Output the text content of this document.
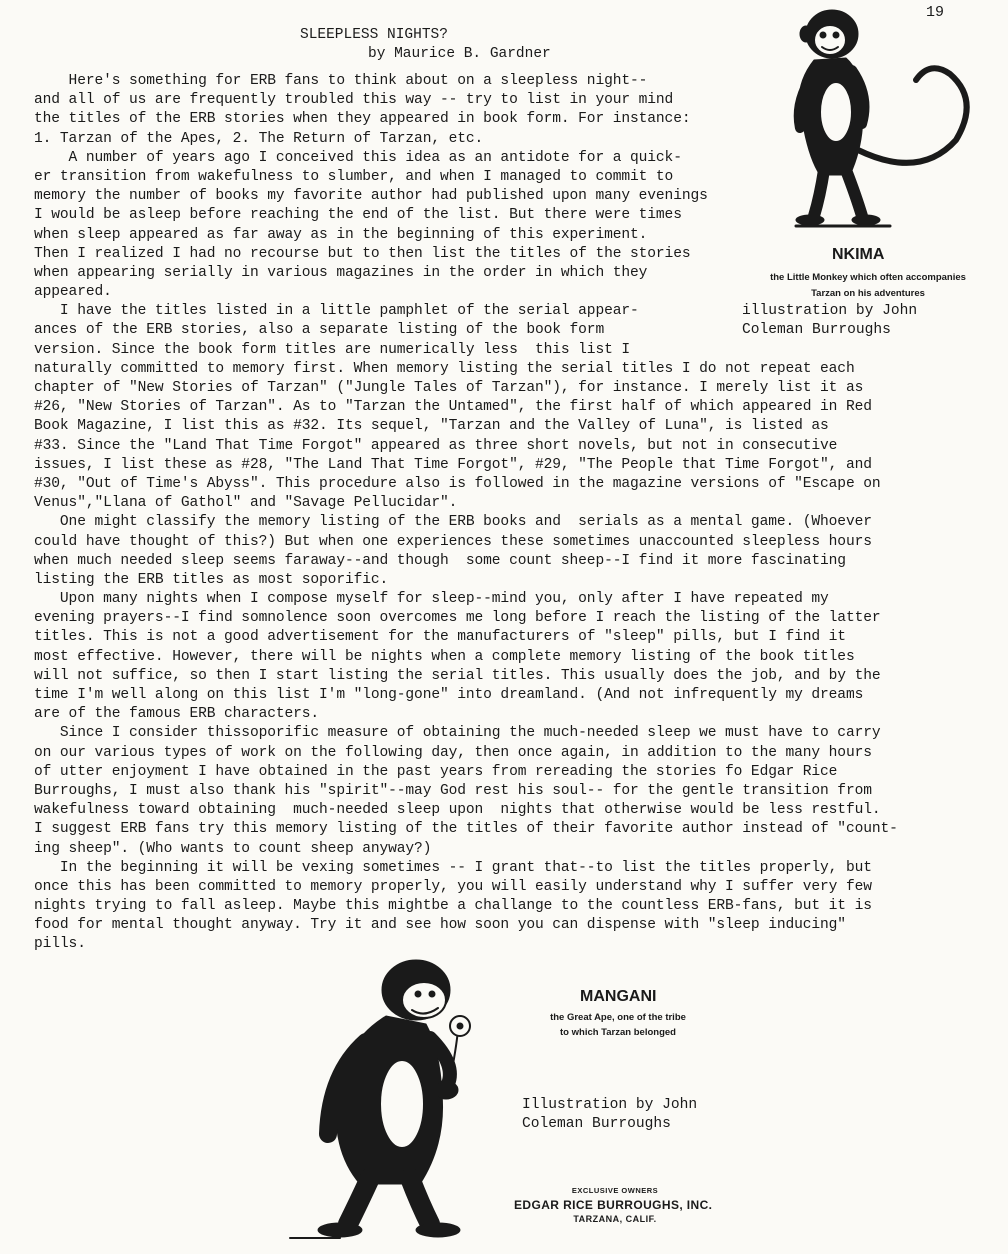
19
SLEEPLESS NIGHTS?
by Maurice B. Gardner
Here's something for ERB fans to think about on a sleepless night--
and all of us are frequently troubled this way -- try to list in your mind
the titles of the ERB stories when they appeared in book form. For instance:
1. Tarzan of the Apes, 2. The Return of Tarzan, etc.
A number of years ago I conceived this idea as an antidote for a quick-
er transition from wakefulness to slumber, and when I managed to commit to
memory the number of books my favorite author had published upon many evenings
I would be asleep before reaching the end of the list. But there were times
when sleep appeared as far away as in the beginning of this experiment.
Then I realized I had no recourse but to then list the titles of the stories
when appearing serially in various magazines in the order in which they
appeared.
I have the titles listed in a little pamphlet of the serial appear-
ances of the ERB stories, also a separate listing of the book form
version. Since the book form titles are numerically less  this list I
naturally committed to memory first. When memory listing the serial titles I do not repeat each
chapter of "New Stories of Tarzan" ("Jungle Tales of Tarzan"), for instance. I merely list it as
#26, "New Stories of Tarzan". As to "Tarzan the Untamed", the first half of which appeared in Red
Book Magazine, I list this as #32. Its sequel, "Tarzan and the Valley of Luna", is listed as
#33. Since the "Land That Time Forgot" appeared as three short novels, but not in consecutive
issues, I list these as #28, "The Land That Time Forgot", #29, "The People that Time Forgot", and
#30, "Out of Time's Abyss". This procedure also is followed in the magazine versions of "Escape on
Venus","Llana of Gathol" and "Savage Pellucidar".
One might classify the memory listing of the ERB books and  serials as a mental game. (Whoever
could have thought of this?) But when one experiences these sometimes unaccounted sleepless hours
when much needed sleep seems faraway--and though  some count sheep--I find it more fascinating
listing the ERB titles as most soporific.
Upon many nights when I compose myself for sleep--mind you, only after I have repeated my
evening prayers--I find somnolence soon overcomes me long before I reach the listing of the latter
titles. This is not a good advertisement for the manufacturers of "sleep" pills, but I find it
most effective. However, there will be nights when a complete memory listing of the book titles
will not suffice, so then I start listing the serial titles. This usually does the job, and by the
time I'm well along on this list I'm "long-gone" into dreamland. (And not infrequently my dreams
are of the famous ERB characters.
Since I consider thissoporific measure of obtaining the much-needed sleep we must have to carry
on our various types of work on the following day, then once again, in addition to the many hours
of utter enjoyment I have obtained in the past years from rereading the stories fo Edgar Rice
Burroughs, I must also thank his "spirit"--may God rest his soul-- for the gentle transition from
wakefulness toward obtaining  much-needed sleep upon  nights that otherwise would be less restful.
I suggest ERB fans try this memory listing of the titles of their favorite author instead of "count-
ing sheep". (Who wants to count sheep anyway?)
In the beginning it will be vexing sometimes -- I grant that--to list the titles properly, but
once this has been committed to memory properly, you will easily understand why I suffer very few
nights trying to fall asleep. Maybe this mightbe a challange to the countless ERB-fans, but it is
food for mental thought anyway. Try it and see how soon you can dispense with "sleep inducing"
pills.
NKIMA
the Little Monkey which often accompanies
Tarzan on his adventures
illustration by John
Coleman Burroughs
MANGANI
the Great Ape, one of the tribe
to which Tarzan belonged
Illustration by John
Coleman Burroughs
EXCLUSIVE OWNERS
EDGAR RICE BURROUGHS, INC.
TARZANA, CALIF.
